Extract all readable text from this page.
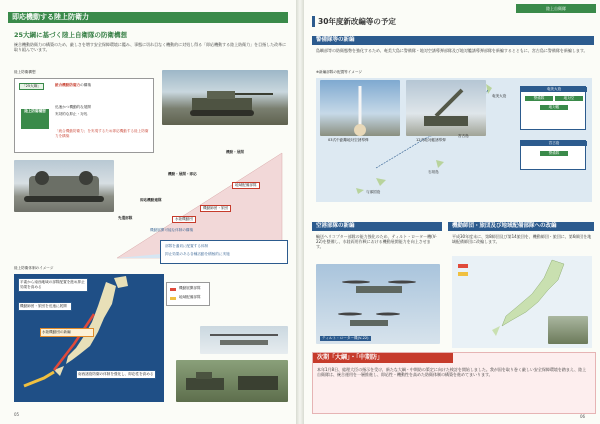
即応機動する陸上防衛力
25大綱に基づく陸上自衛隊の防衛構想
統合機動防衛力の構築のため、厳しさを増す安全保障環境に鑑み、事態に切れ目なく機動的に対処し得る「即応機動する陸上防衛力」を目指した改革に取り組んでいます。
陸上防衛構想
「25大綱」	統合機動防衛力の構築
陸上防衛構想
迅速かつ機動的な展開
実効的な抑止・対処
「統合機動防衛力」を実現するため即応機動する陸上防衛力を構築
機動・展開
機動・展開・即応
即応機動連隊
機動展開可能な体制の構築
地域配備部隊
機動師団・旅団
水陸機動団
先遣部隊
部隊を適切に配置する体制
抑止効果のある各種活動を積極的に実施
陸上防衛体制のイメージ
平素から南西地域の部隊配置を進め抑止効果を高める
機動師団・旅団を迅速に展開
水陸機動団の新編
南西諸島防衛の体制を強化し、即応性を高める
機動展開部隊
地域配備部隊
05
陸上自衛隊
30年度新改編等の予定
警備隊等の新編
島嶼部等の防衛態勢を強化するため、奄美大島に警備隊・地対空誘導弾部隊及び地対艦誘導弾部隊を新編するとともに、宮古島に警備隊を新編します。
※新編部隊の配置等イメージ
03式中距離地対空誘導弾	12式地対艦誘導弾
奄美大島
宮古島
与那国島
石垣島
奄美大島
警備隊	地対空
地対艦
宮古島
警備隊
空港部隊の新編
輸送ヘリコプター部隊の能力強化のため、ティルト・ローター機(V-22)を整備し、水陸両用作戦における機動展開能力を向上させます。
ティルト・ローター機(V-22)
機動師団・旅団及び地域配備部隊への改編
平成30年度末に、第8師団及び第14旅団を、機動師団・旅団に、第6師団を地域配備師団に改編します。
次期「大綱」・「中期防」
本年1月8日、総理大臣の指示を受け、新たな大綱・中期防の策定に向けた検討を開始しました。我が国を取り巻く厳しい安全保障環境を踏まえ、陸上自衛隊は、統合運用を一層推進し、即応性・機動性を高めた防衛体制の構築を進めてまいります。
06
